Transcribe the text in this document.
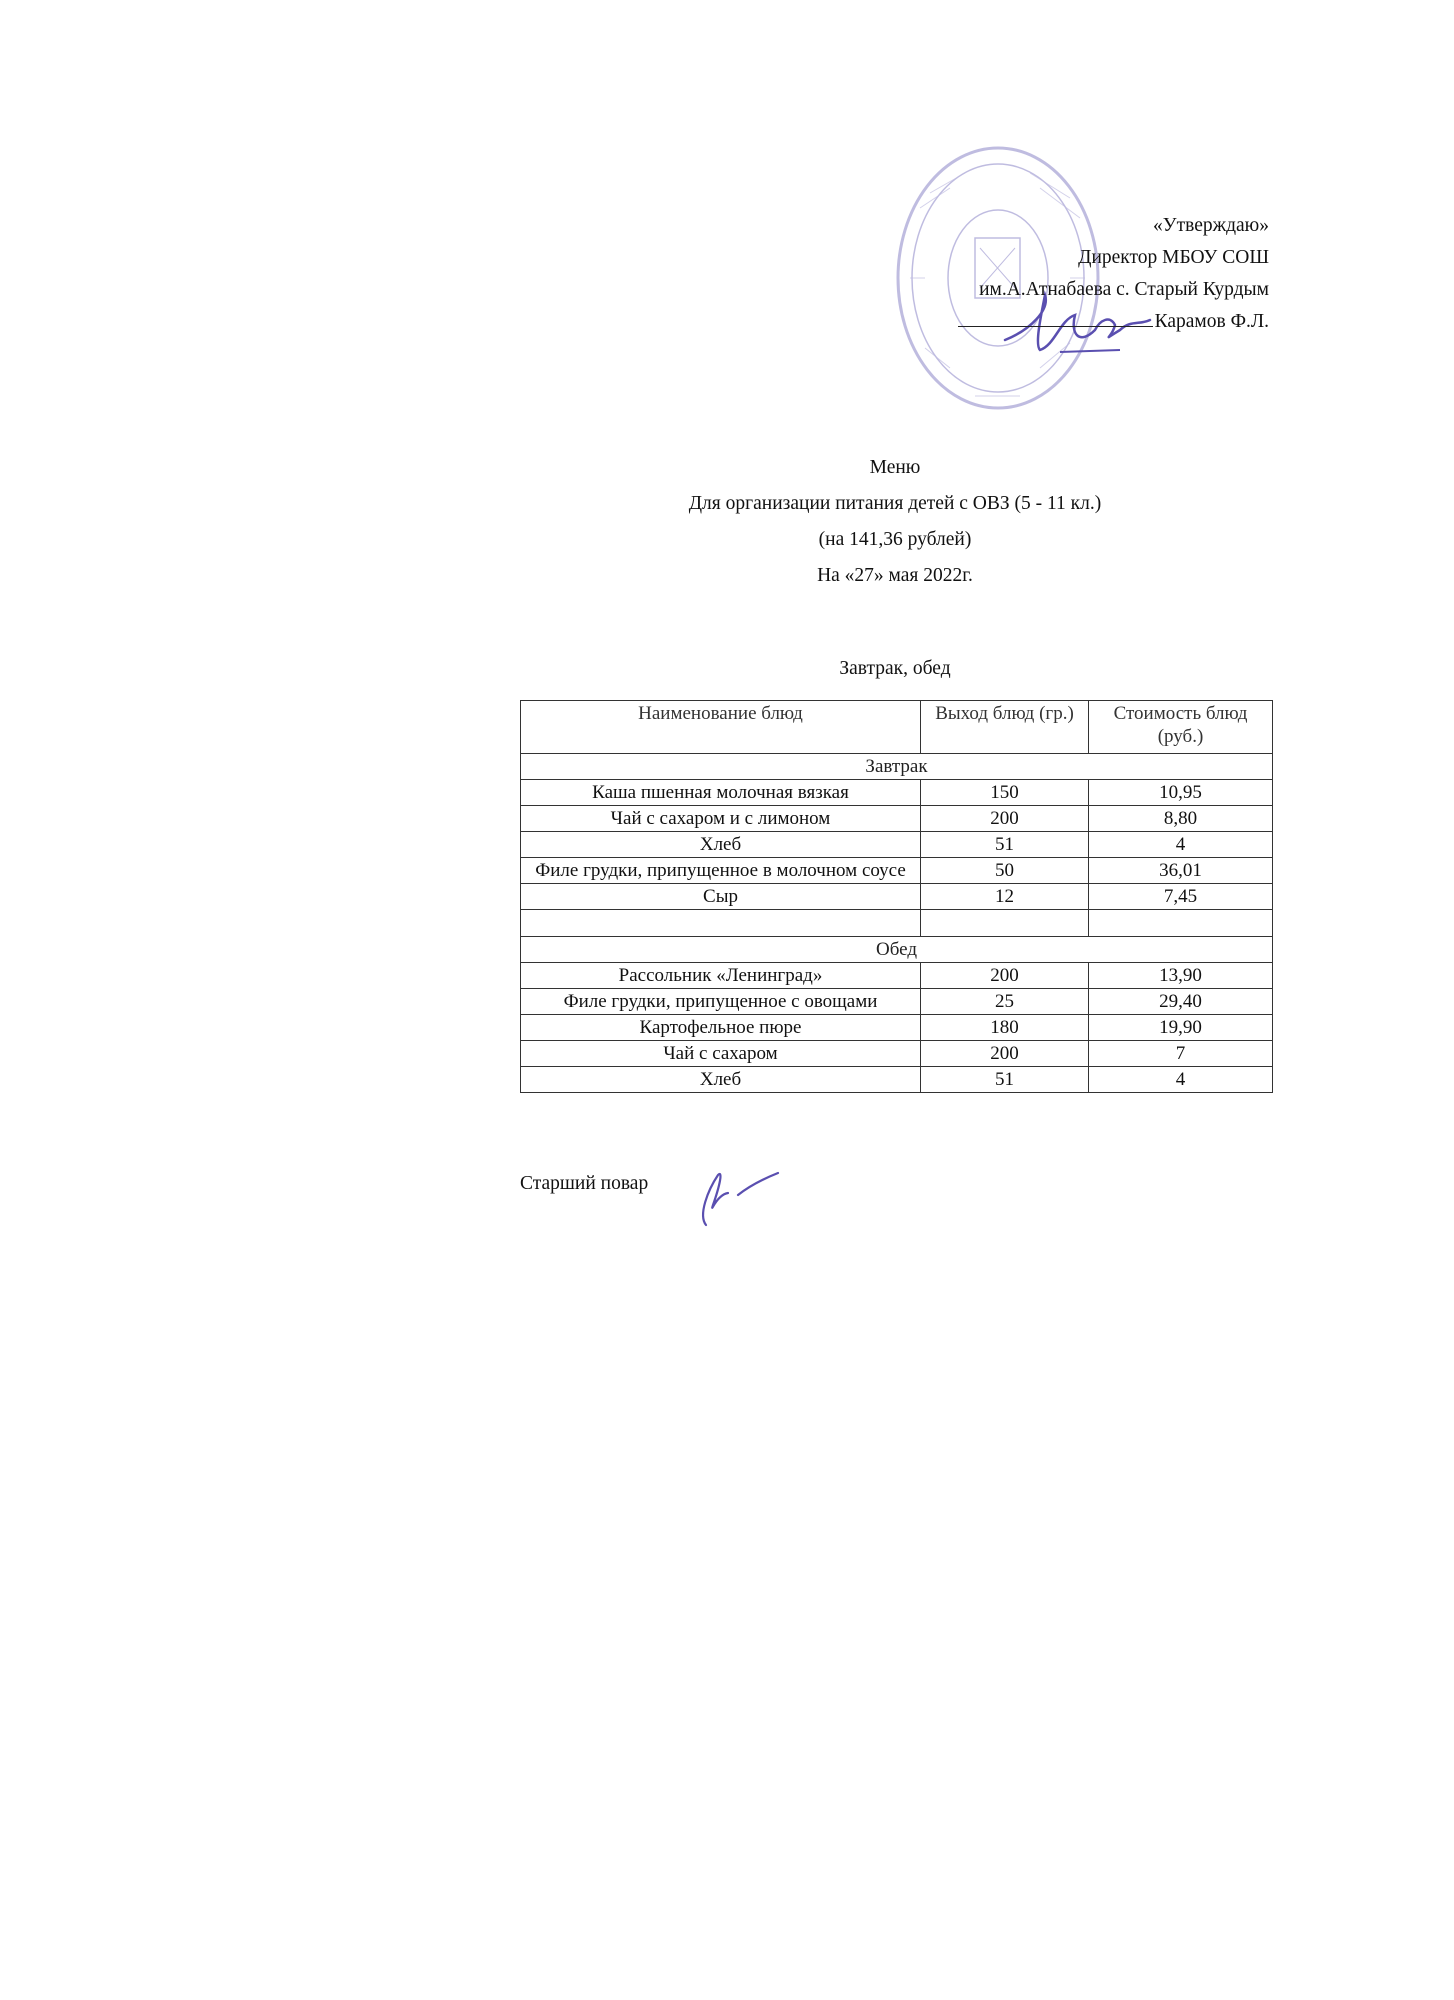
«Утверждаю»
Директор МБОУ СОШ
им.А.Атнабаева с. Старый Курдым
Карамов Ф.Л.
Меню
Для организации питания детей с ОВЗ (5 - 11 кл.)
(на 141,36 рублей)
На «27» мая 2022г.
Завтрак, обед
Наименование блюд	Выход блюд (гр.)	Стоимость блюд (руб.)
Завтрак		
Каша пшенная молочная вязкая	150	10,95
Чай с сахаром и с лимоном	200	8,80
Хлеб	51	4
Филе грудки, припущенное в молочном соусе	50	36,01
Сыр	12	7,45

Обед		
Рассольник «Ленинград»	200	13,90
Филе грудки, припущенное с овощами	25	29,40
Картофельное пюре	180	19,90
Чай с сахаром	200	7
Хлеб	51	4
Старший повар
